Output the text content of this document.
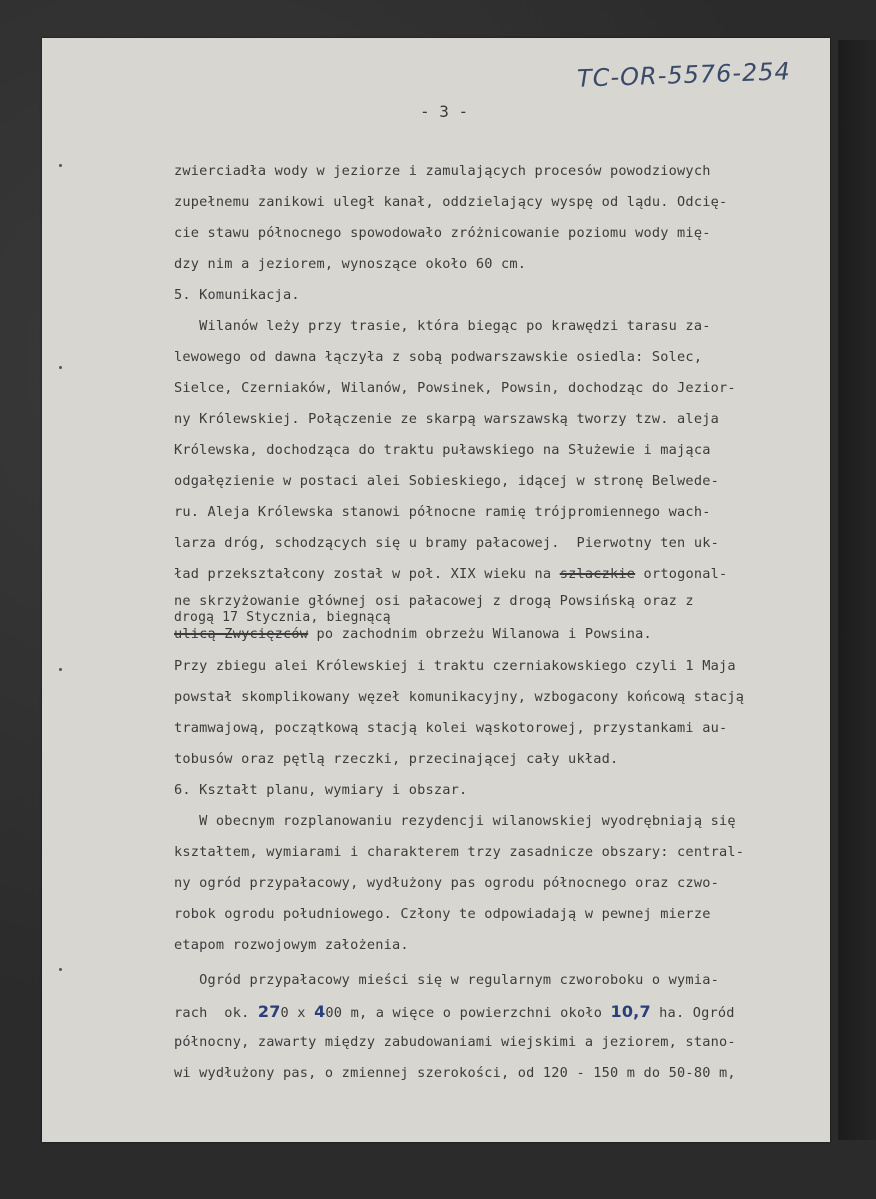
TC-OR-5576-254
- 3 -
zwierciadła wody w jeziorze i zamulających procesów powodziowych
zupełnemu zanikowi uległ kanał, oddzielający wyspę od lądu. Odcię-
cie stawu północnego spowodowało zróżnicowanie poziomu wody mię-
dzy nim a jeziorem, wynoszące około 60 cm.
5. Komunikacja.
Wilanów leży przy trasie, która biegąc po krawędzi tarasu za-
lewowego od dawna łączyła z sobą podwarszawskie osiedla: Solec,
Sielce, Czerniaków, Wilanów, Powsinek, Powsin, dochodząc do Jezior-
ny Królewskiej. Połączenie ze skarpą warszawską tworzy tzw. aleja
Królewska, dochodząca do traktu puławskiego na Służewie i mająca
odgałęzienie w postaci alei Sobieskiego, idącej w stronę Belwede-
ru. Aleja Królewska stanowi północne ramię trójpromiennego wach-
larza dróg, schodzących się u bramy pałacowej.  Pierwotny ten uk-
ład przekształcony został w poł. XIX wieku na szlaczkie ortogonal-
ne skrzyżowanie głównej osi pałacowej z drogą Powsińską oraz z
drogą 17 Stycznia, biegnącą
ulicą Zwycięzców po zachodnim obrzeżu Wilanowa i Powsina.
Przy zbiegu alei Królewskiej i traktu czerniakowskiego czyli 1 Maja
powstał skomplikowany węzeł komunikacyjny, wzbogacony końcową stacją
tramwajową, początkową stacją kolei wąskotorowej, przystankami au-
tobusów oraz pętlą rzeczki, przecinającej cały układ.
6. Kształt planu, wymiary i obszar.
W obecnym rozplanowaniu rezydencji wilanowskiej wyodrębniają się
kształtem, wymiarami i charakterem trzy zasadnicze obszary: central-
ny ogród przypałacowy, wydłużony pas ogrodu północnego oraz czwo-
robok ogrodu południowego. Człony te odpowiadają w pewnej mierze
etapom rozwojowym założenia.
Ogród przypałacowy mieści się w regularnym czworoboku o wymia-
rach  ok. 270 x 400 m, a więce o powierzchni około 10,7 ha. Ogród
północny, zawarty między zabudowaniami wiejskimi a jeziorem, stano-
wi wydłużony pas, o zmiennej szerokości, od 120 - 150 m do 50-80 m,
